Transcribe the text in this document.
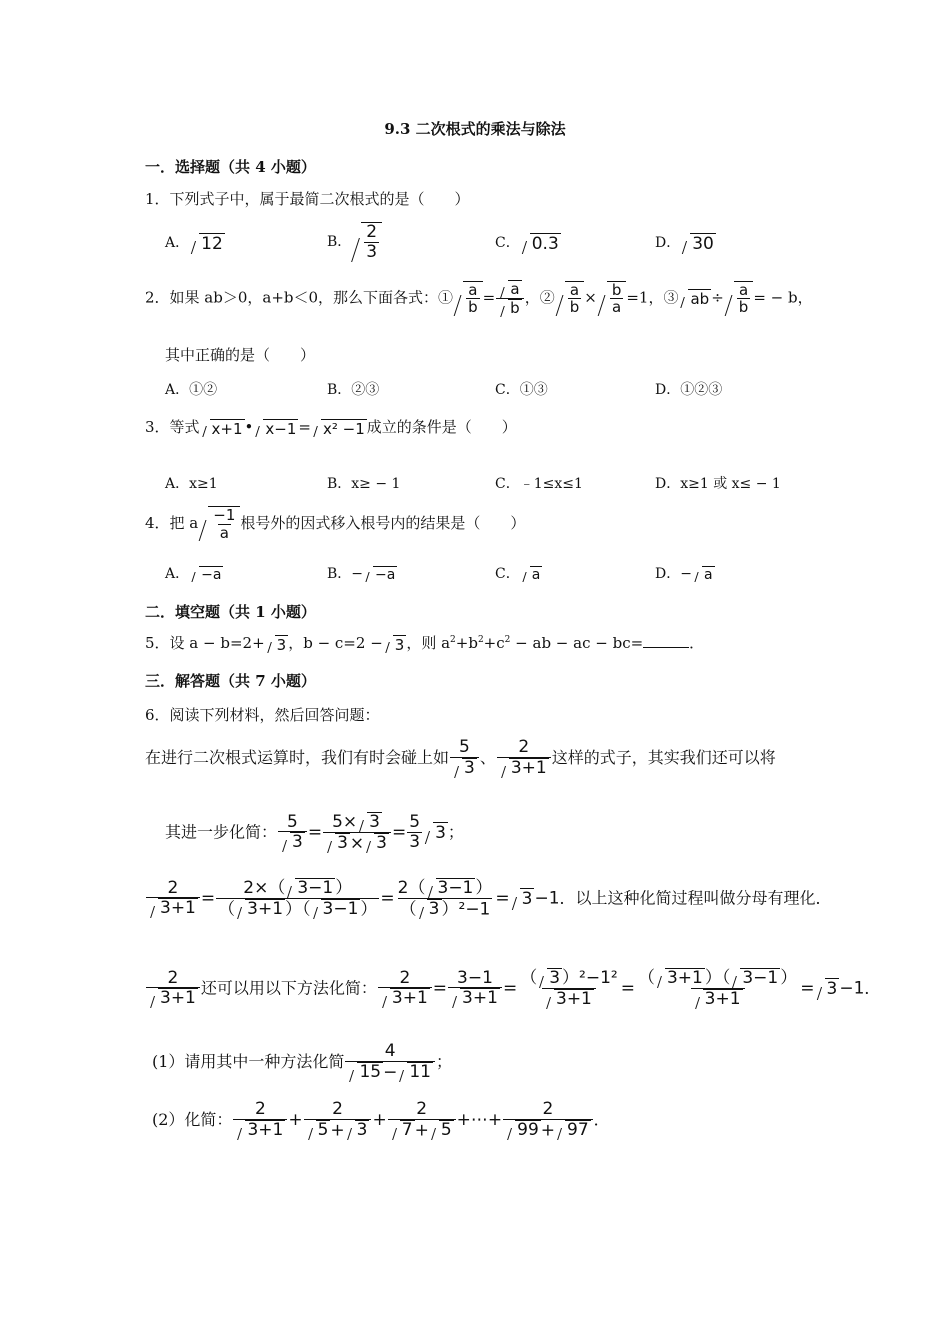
9.3 二次根式的乘法与除法
一．选择题（共 4 小题）
1．下列式子中，属于最简二次根式的是（　　）
A． 12	B． $\frac{2}{3}$	C． 0.3	D． 30
2．如果 ab＞0，a+b＜0，那么下面各式：① $\frac{a}{b} = \frac{a}{b}$ ，② $\frac{a}{b} \times \frac{b}{a} =1$，③ ab ÷ $\frac{a}{b}$ = − b，
其中正确的是（　　）
A．①②	B．②③	C．①③	D．①②③
3．等式 x+1 • x−1 = x² −1 成立的条件是（　　）
A．x≥1	B．x≥ − 1	C．﹣1≤x≤1	D．x≥1 或 x≤ − 1
4．把 a $\frac{-1}{a}$ 根号外的因式移入根号内的结果是（　　）
A． −a	B．− −a	C． a	D．− a
二．填空题（共 1 小题）
5．设 a − b=2+ 3 ，b − c=2 − 3 ，则 $a^2+b^2+c^2$ − ab − ac − bc=	．
三．解答题（共 7 小题）
6．阅读下列材料，然后回答问题：
在进行二次根式运算时，我们有时会碰上如 $\frac{5}{3}$ 、 $\frac{2}{3+1}$ 这样的式子，其实我们还可以将
其进一步化简： $\frac{5}{3} = \frac{5\times 3}{3 \times 3} = \frac{5}{3} 3$ ；
$\frac{2}{3+1} = \frac{2\times( 3-1 )}{( 3+1 )( 3-1 )} = \frac{2( 3-1 )}{\text{（ 3 ）²−1}} = 3 -1$．以上这种化简过程叫做分母有理化．
$\frac{2}{3+1}$ 还可以用以下方法化简： $\frac{2}{3+1} = \frac{3-1}{3+1} = \frac{\text{（ 3 ）²−1²}}{3+1} = \frac{( 3+1 )( 3-1 )}{3+1} = 3 -1$．
(1）请用其中一种方法化简 $\frac{4}{15 - 11}$ ；
(2）化简： $\frac{2}{3+1} + \frac{2}{5 + 3} + \frac{2}{7 + 5}$ +⋯+ $\frac{2}{99 + 97}$ ．
